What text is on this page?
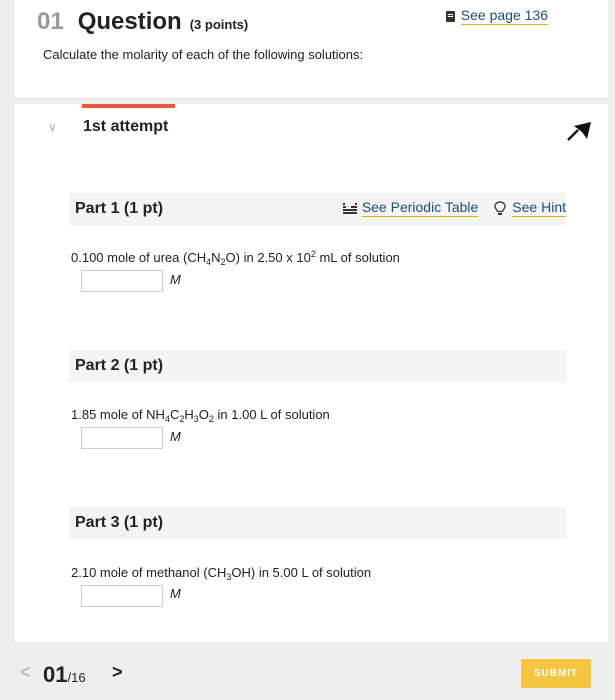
01 Question (3 points)
See page 136
Calculate the molarity of each of the following solutions:
∨ 1st attempt
Part 1 (1 pt)	See Periodic Table See Hint
0.100 mole of urea $(CH_4N_2O)$ in 2.50 x $10^2$ mL of solution
M
Part 2 (1 pt)
1.85 mole of $NH_4C_2H_3O_2$ in 1.00 L of solution
M
Part 3 (1 pt)
2.10 mole of methanol $(CH_3OH)$ in 5.00 L of solution
M
< 01/16 >	SUBMIT
